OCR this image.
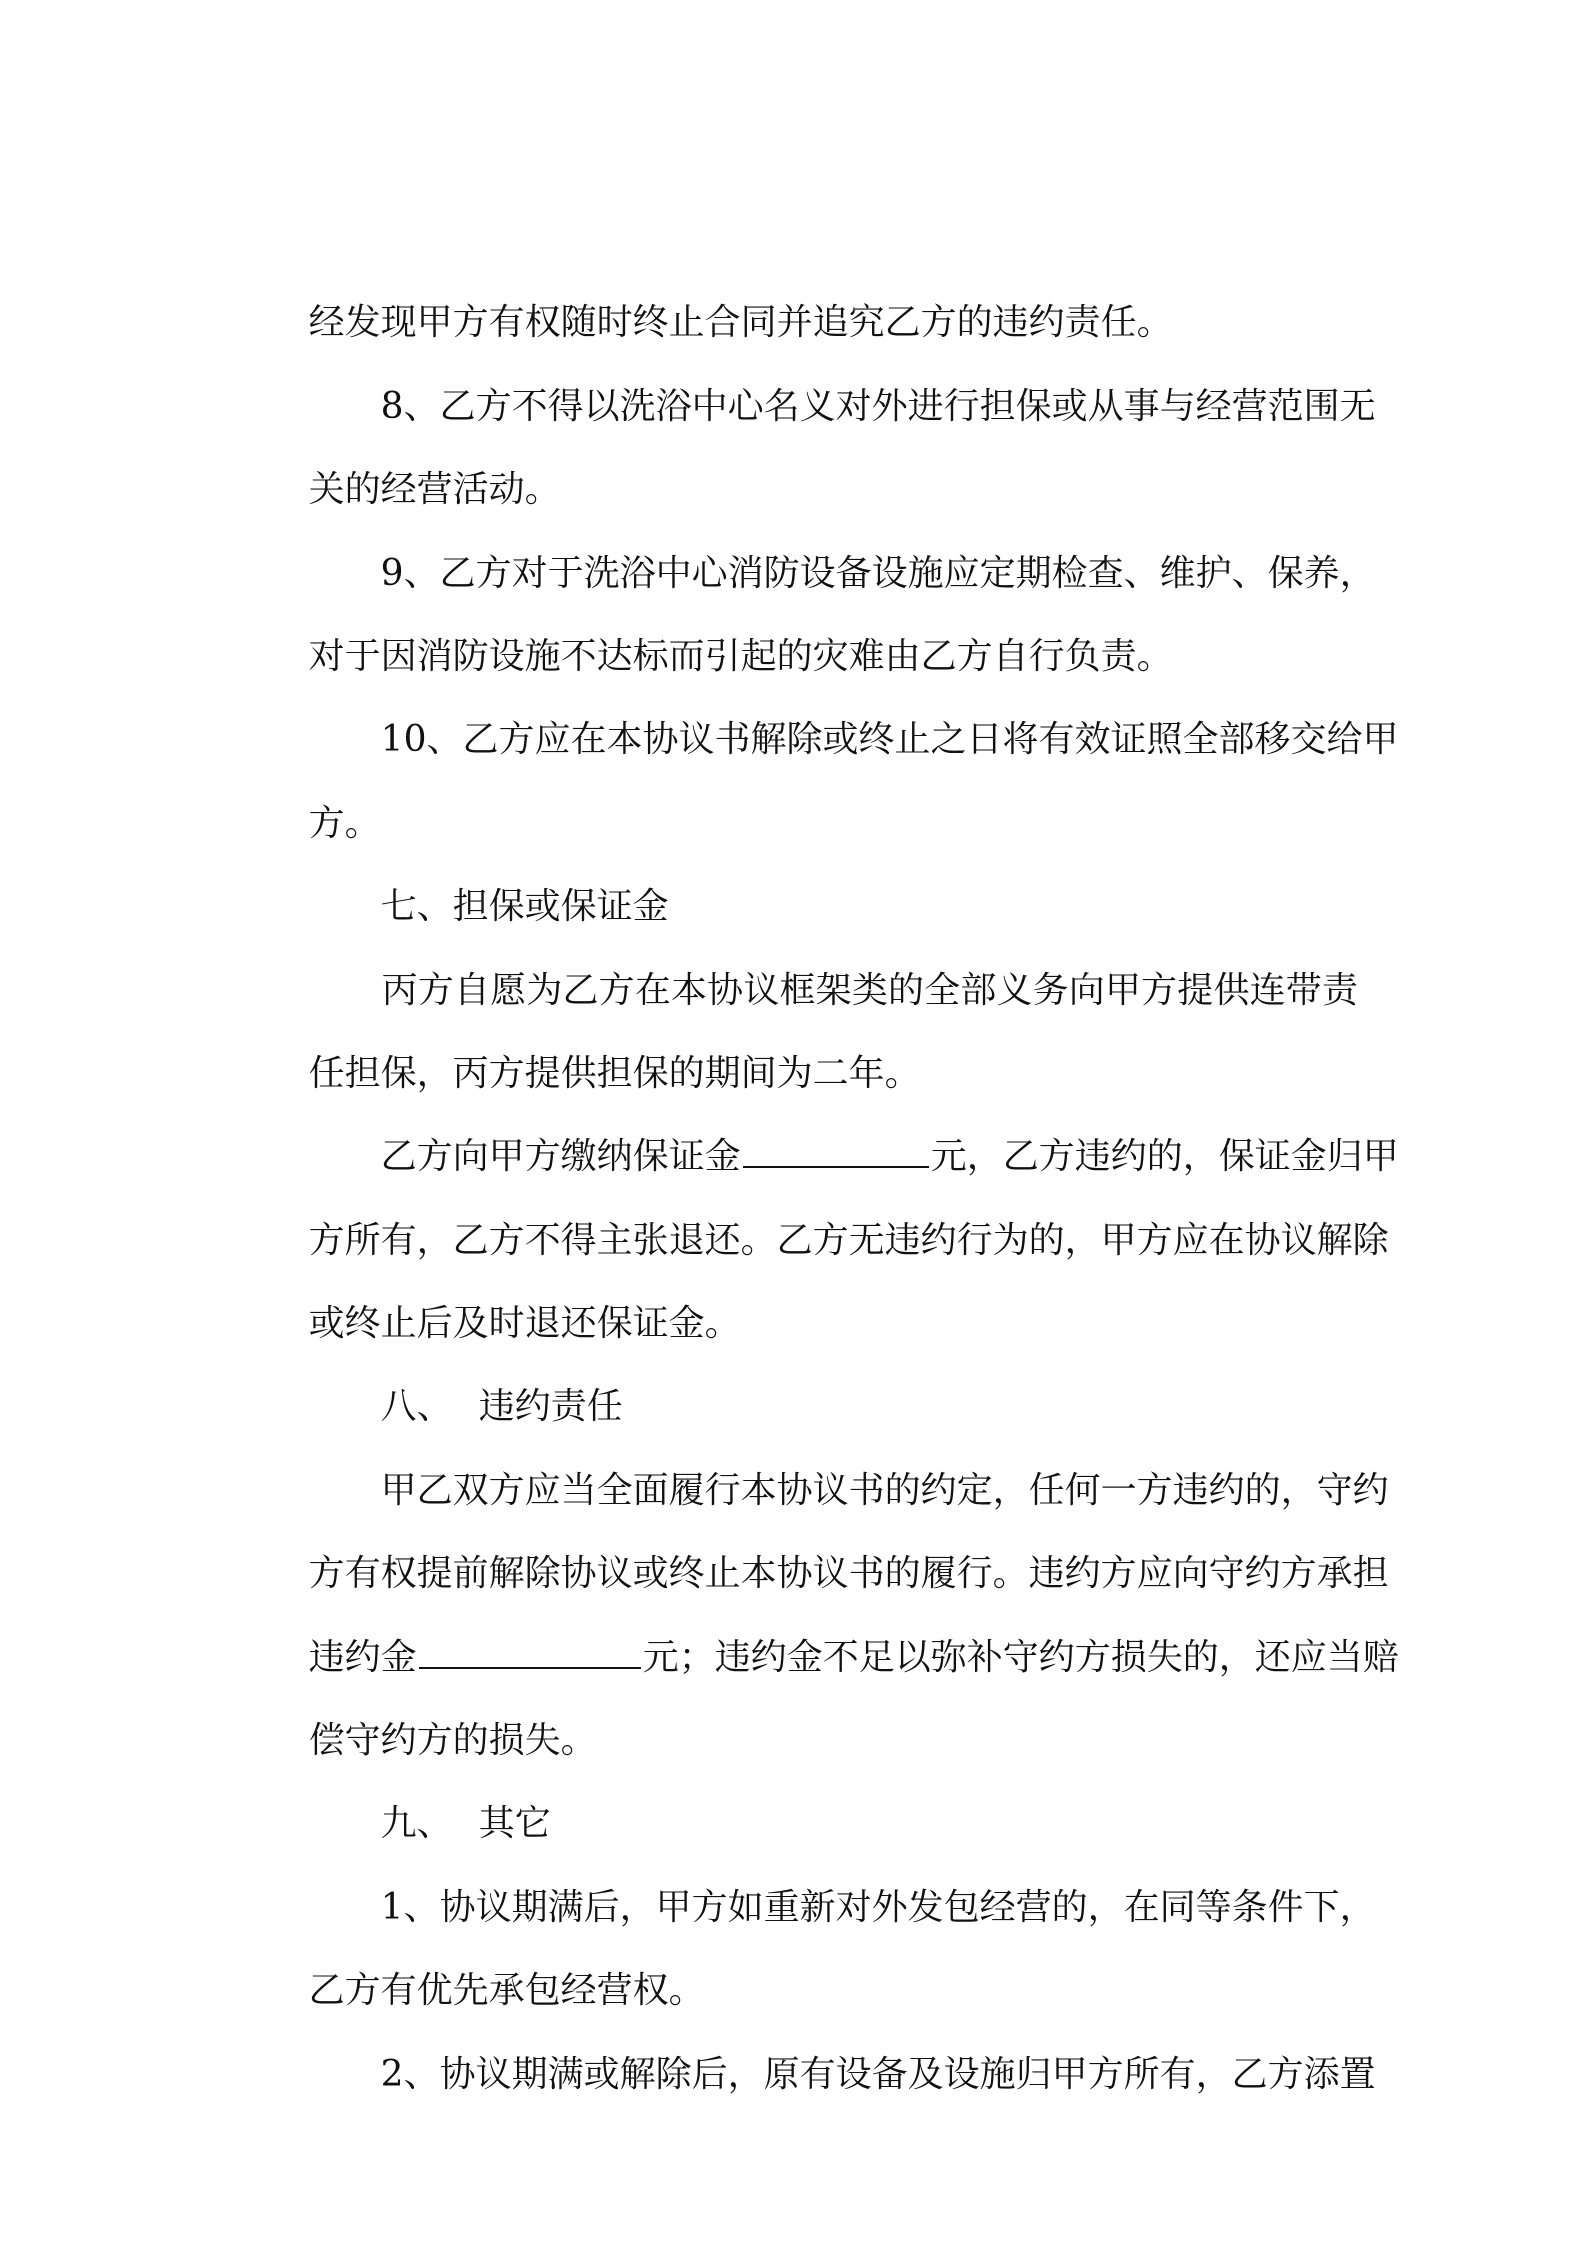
经发现甲方有权随时终止合同并追究乙方的违约责任。

8、乙方不得以洗浴中心名义对外进行担保或从事与经营范围无

关的经营活动。

9、乙方对于洗浴中心消防设备设施应定期检查、维护、保养，

对于因消防设施不达标而引起的灾难由乙方自行负责。

10、乙方应在本协议书解除或终止之日将有效证照全部移交给甲

方。

七、担保或保证金

丙方自愿为乙方在本协议框架类的全部义务向甲方提供连带责

任担保，丙方提供担保的期间为二年。

乙方向甲方缴纳保证金	元，乙方违约的，保证金归甲

方所有，乙方不得主张退还。乙方无违约行为的，甲方应在协议解除

或终止后及时退还保证金。

八、 违约责任

甲乙双方应当全面履行本协议书的约定，任何一方违约的，守约

方有权提前解除协议或终止本协议书的履行。违约方应向守约方承担

违约金	元；违约金不足以弥补守约方损失的，还应当赔

偿守约方的损失。

九、 其它

1、协议期满后，甲方如重新对外发包经营的，在同等条件下，

乙方有优先承包经营权。

2、协议期满或解除后，原有设备及设施归甲方所有，乙方添置
